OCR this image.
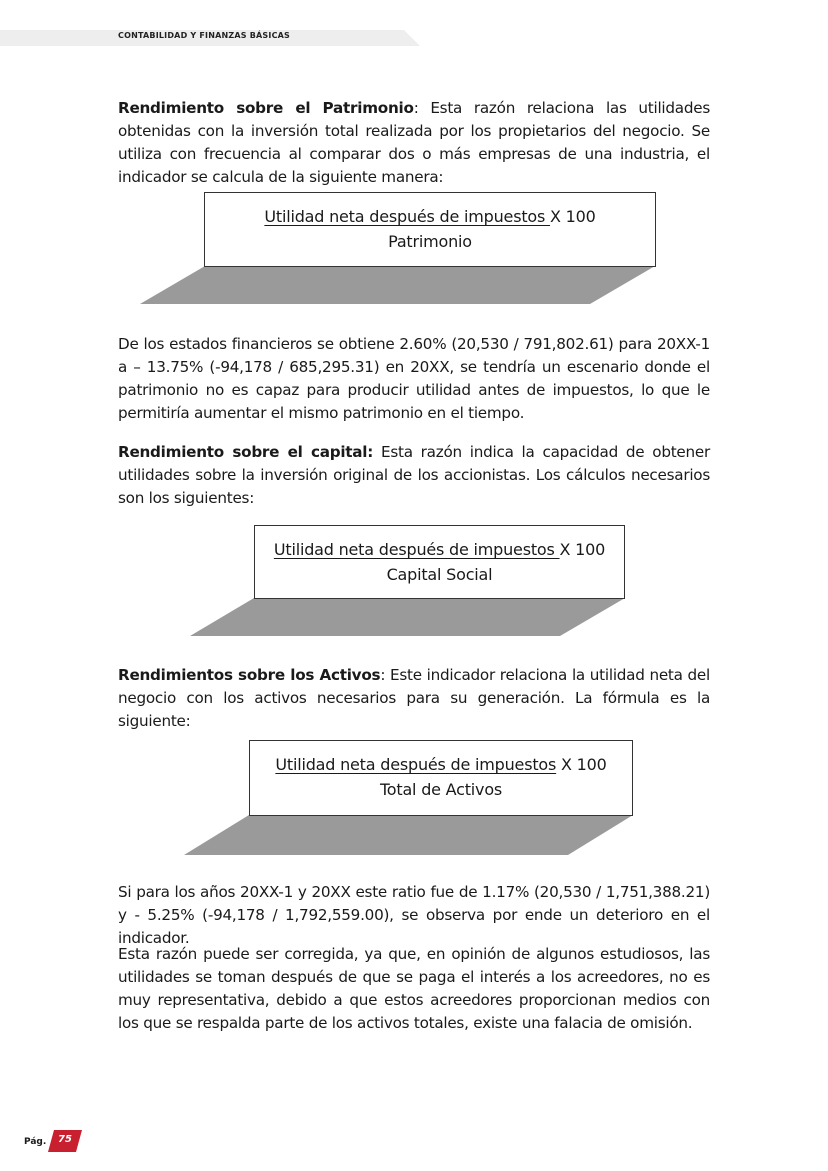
CONTABILIDAD Y FINANZAS BÁSICAS

Rendimiento sobre el Patrimonio: Esta razón relaciona las utilidades obtenidas con la inversión total realizada por los propietarios del negocio. Se utiliza con frecuencia al comparar dos o más empresas de una industria, el indicador se calcula de la siguiente manera:

Utilidad neta después de impuestos X 100
Patrimonio

De los estados financieros se obtiene 2.60% (20,530 / 791,802.61) para 20XX-1 a – 13.75% (-94,178 / 685,295.31) en 20XX, se tendría un escenario donde el patrimonio no es capaz para producir utilidad antes de impuestos, lo que le permitiría aumentar el mismo patrimonio en el tiempo.

Rendimiento sobre el capital: Esta razón indica la capacidad de obtener utilidades sobre la inversión original de los accionistas. Los cálculos necesarios son los siguientes:

Utilidad neta después de impuestos X 100
Capital Social

Rendimientos sobre los Activos: Este indicador relaciona la utilidad neta del negocio con los activos necesarios para su generación. La fórmula es la siguiente:

Utilidad neta después de impuestos X 100
Total de Activos

Si para los años 20XX-1 y 20XX este ratio fue de 1.17% (20,530 / 1,751,388.21) y - 5.25% (-94,178 / 1,792,559.00), se observa por ende un deterioro en el indicador.

Esta razón puede ser corregida, ya que, en opinión de algunos estudiosos, las utilidades se toman después de que se paga el interés a los acreedores, no es muy representativa, debido a que estos acreedores proporcionan medios con los que se respalda parte de los activos totales, existe una falacia de omisión.

Pág.	75
